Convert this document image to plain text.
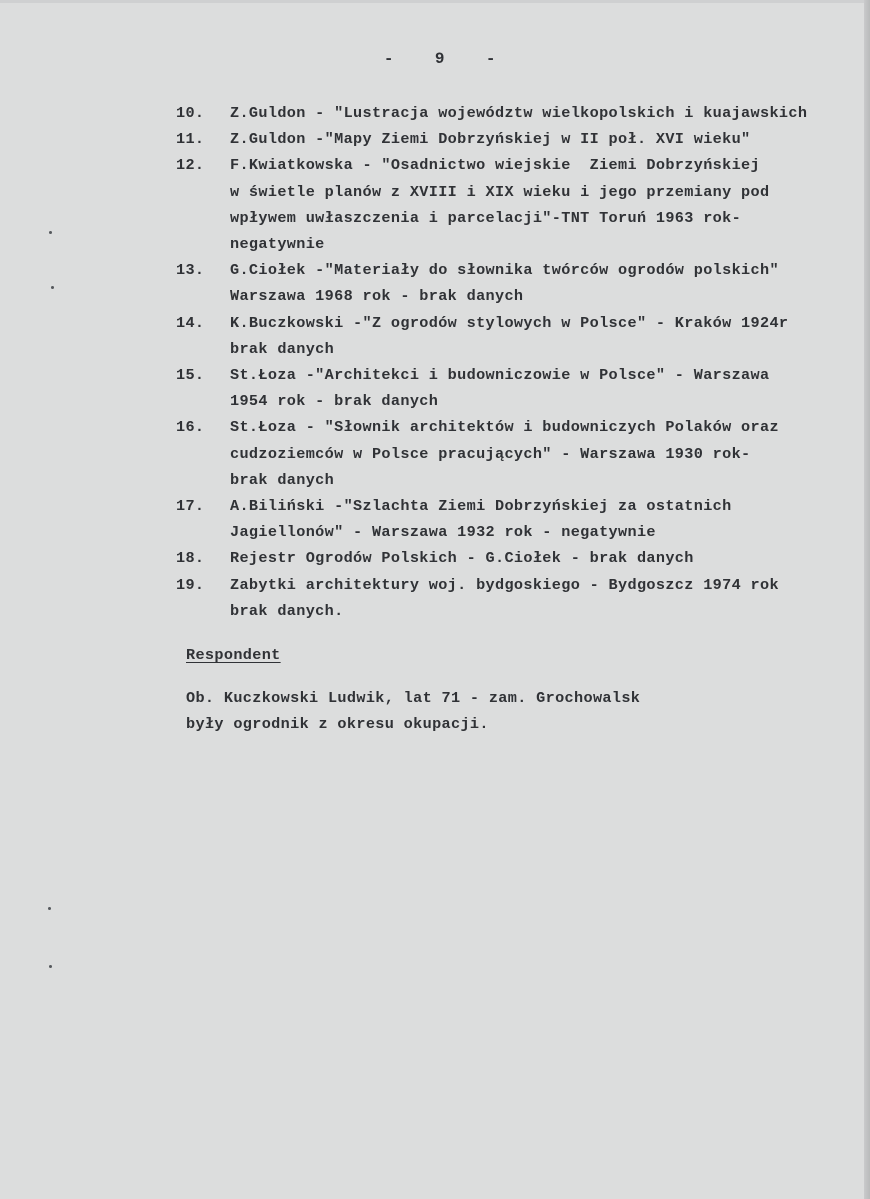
-    9    -
10.	Z.Guldon - "Lustracja województw wielkopolskich i kuajawskich
11.	Z.Guldon -"Mapy Ziemi Dobrzyńskiej w II poł. XVI wieku"
12.	F.Kwiatkowska - "Osadnictwo wiejskie  Ziemi Dobrzyńskiej
w świetle planów z XVIII i XIX wieku i jego przemiany pod
wpływem uwłaszczenia i parcelacji"-TNT Toruń 1963 rok-
negatywnie
13.	G.Ciołek -"Materiały do słownika twórców ogrodów polskich"
Warszawa 1968 rok - brak danych
14.	K.Buczkowski -"Z ogrodów stylowych w Polsce" - Kraków 1924r
brak danych
15.	St.Łoza -"Architekci i budowniczowie w Polsce" - Warszawa
1954 rok - brak danych
16.	St.Łoza - "Słownik architektów i budowniczych Polaków oraz
cudzoziemców w Polsce pracujących" - Warszawa 1930 rok-
brak danych
17.	A.Biliński -"Szlachta Ziemi Dobrzyńskiej za ostatnich
Jagiellonów" - Warszawa 1932 rok - negatywnie
18.	Rejestr Ogrodów Polskich - G.Ciołek - brak danych
19.	Zabytki architektury woj. bydgoskiego - Bydgoszcz 1974 rok
brak danych.
Respondent
Ob. Kuczkowski Ludwik, lat 71 - zam. Grochowalsk
były ogrodnik z okresu okupacji.
